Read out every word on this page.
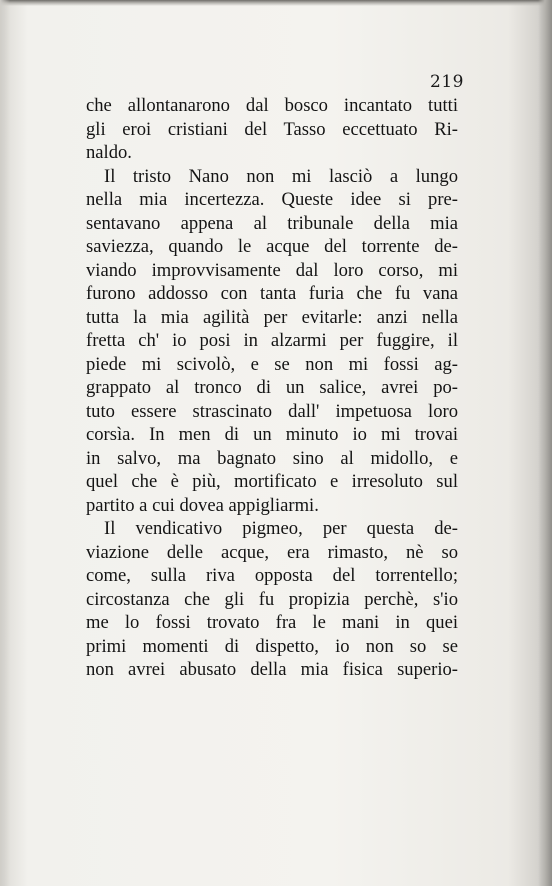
219
che allontanarono dal bosco incantato tutti
gli eroi cristiani del Tasso eccettuato Ri-
naldo.
Il tristo Nano non mi lasciò a lungo
nella mia incertezza. Queste idee si pre-
sentavano appena al tribunale della mia
saviezza, quando le acque del torrente de-
viando improvvisamente dal loro corso, mi
furono addosso con tanta furia che fu vana
tutta la mia agilità per evitarle: anzi nella
fretta ch' io posi in alzarmi per fuggire, il
piede mi scivolò, e se non mi fossi ag-
grappato al tronco di un salice, avrei po-
tuto essere strascinato dall' impetuosa loro
corsìa. In men di un minuto io mi trovai
in salvo, ma bagnato sino al midollo, e
quel che è più, mortificato e irresoluto sul
partito a cui dovea appigliarmi.
Il vendicativo pigmeo, per questa de-
viazione delle acque, era rimasto, nè so
come, sulla riva opposta del torrentello;
circostanza che gli fu propizia perchè, s'io
me lo fossi trovato fra le mani in quei
primi momenti di dispetto, io non so se
non avrei abusato della mia fisica superio-
